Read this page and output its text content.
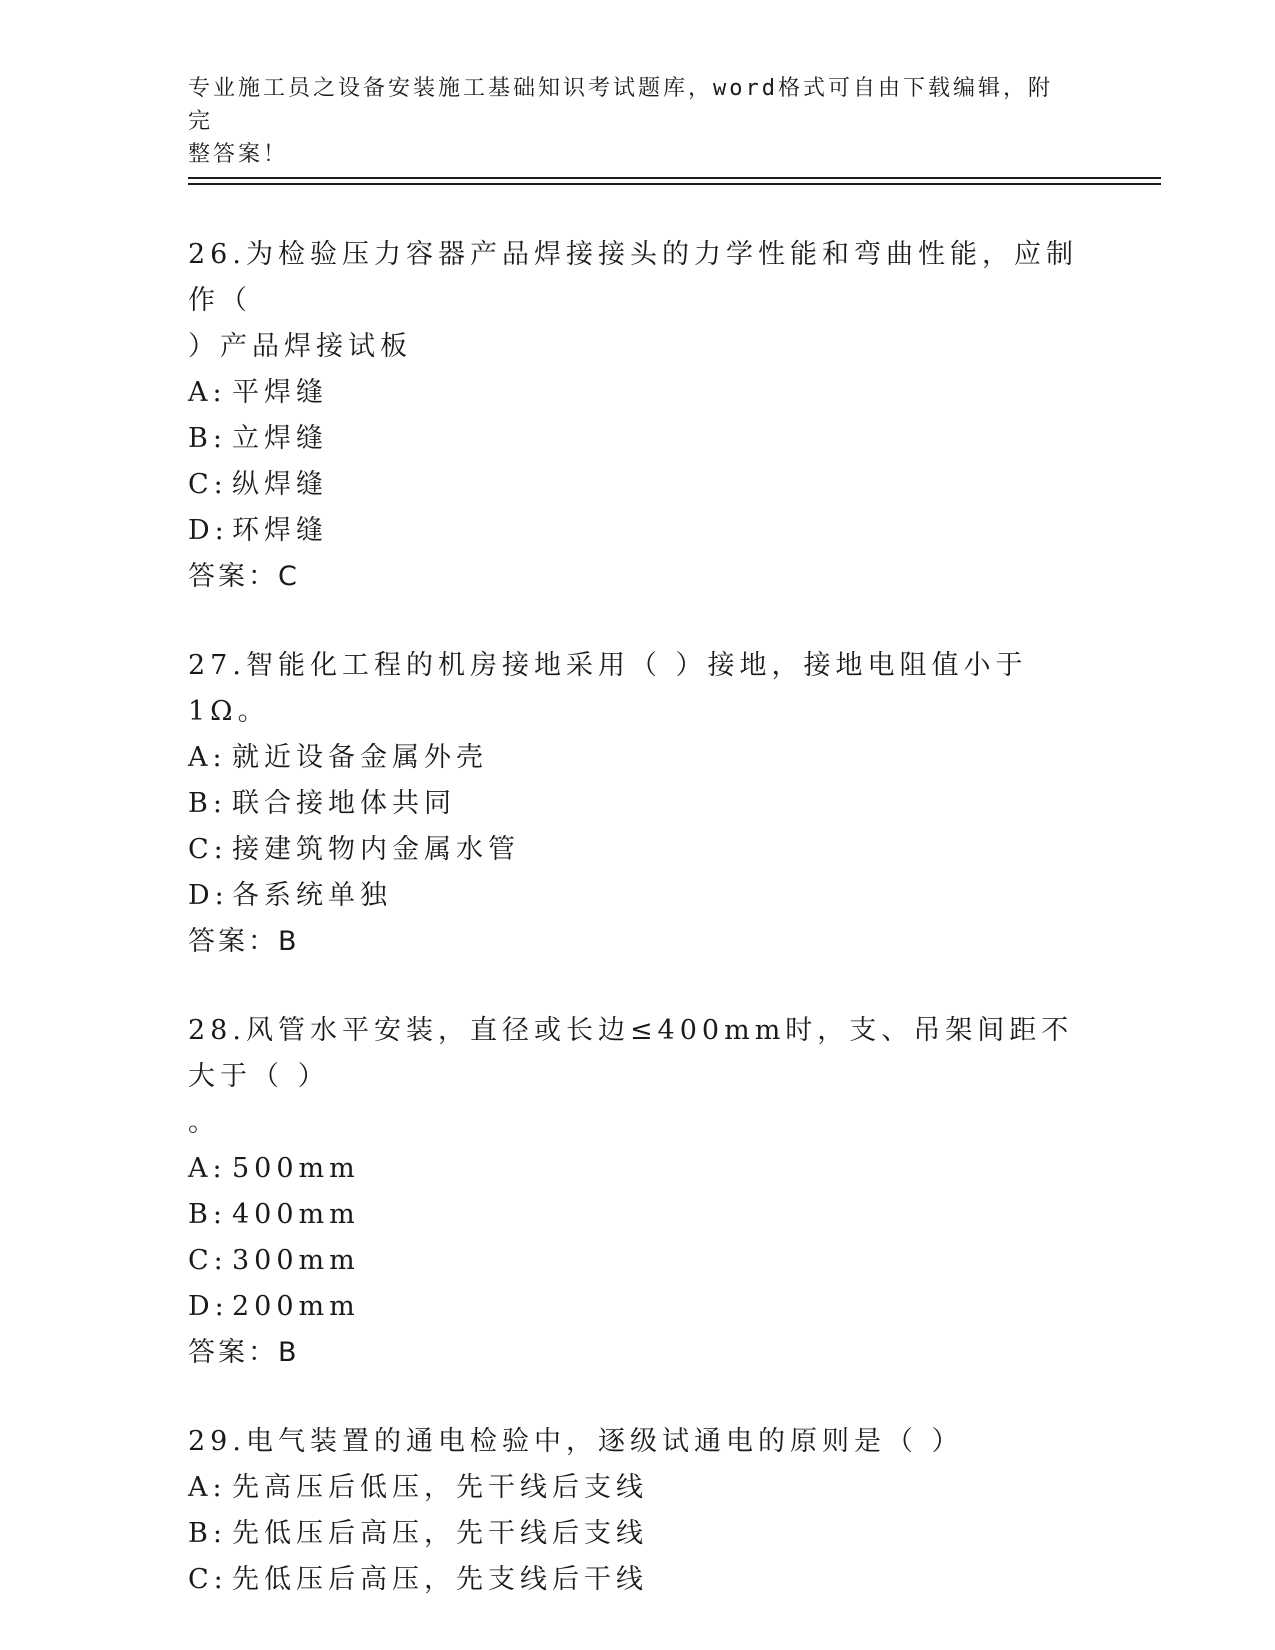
专业施工员之设备安装施工基础知识考试题库，word格式可自由下载编辑，附完
整答案！

26.为检验压力容器产品焊接接头的力学性能和弯曲性能，应制作（

）产品焊接试板

A: 平焊缝

B: 立焊缝

C: 纵焊缝

D: 环焊缝

答案：C

27.智能化工程的机房接地采用（ ）接地，接地电阻值小于1Ω。

A: 就近设备金属外壳

B: 联合接地体共同

C: 接建筑物内金属水管

D: 各系统单独

答案：B

28.风管水平安装，直径或长边≤400mm时，支、吊架间距不大于（ ）

。

A: 500mm

B: 400mm

C: 300mm

D: 200mm

答案：B

29.电气装置的通电检验中，逐级试通电的原则是（ ）

A: 先高压后低压，先干线后支线

B: 先低压后高压，先干线后支线

C: 先低压后高压，先支线后干线
